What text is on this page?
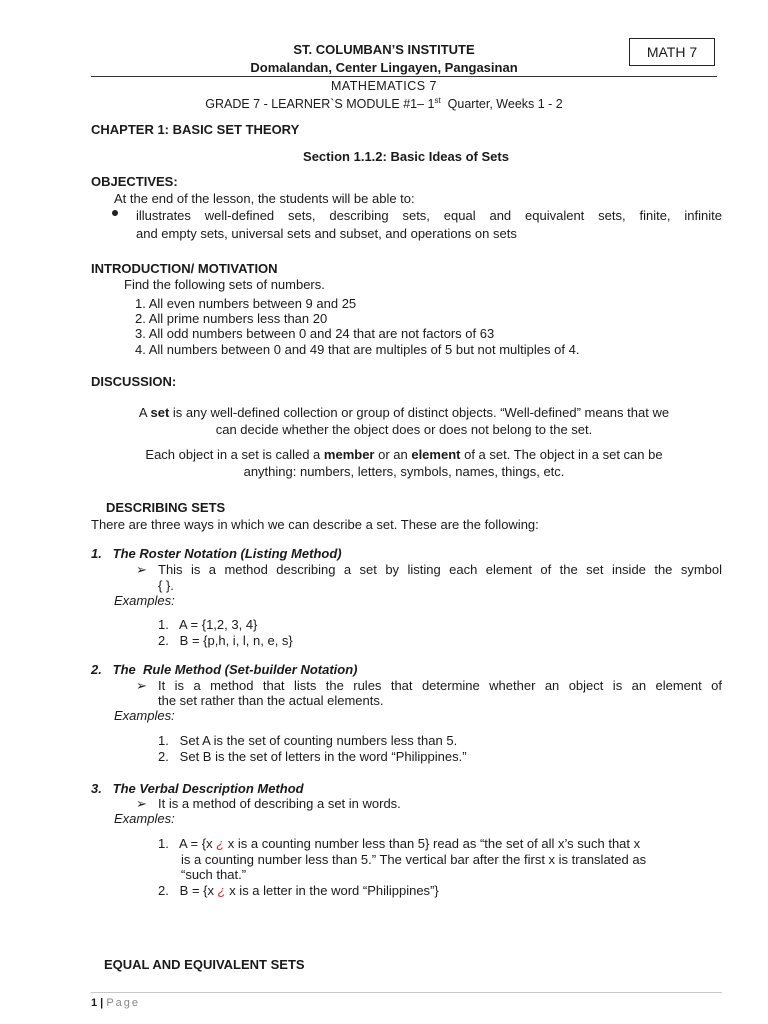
ST. COLUMBAN’S INSTITUTE
Domalandan, Center Lingayen, Pangasinan
MATH 7
MATHEMATICS 7
GRADE 7 - LEARNER`S MODULE #1– 1st  Quarter, Weeks 1 - 2
CHAPTER 1: BASIC SET THEORY
Section 1.1.2: Basic Ideas of Sets
OBJECTIVES:
At the end of the lesson, the students will be able to:
illustrates well-defined sets, describing sets, equal and equivalent sets, finite, infinite
and empty sets, universal sets and subset, and operations on sets
INTRODUCTION/ MOTIVATION
Find the following sets of numbers.
1. All even numbers between 9 and 25
2. All prime numbers less than 20
3. All odd numbers between 0 and 24 that are not factors of 63
4. All numbers between 0 and 49 that are multiples of 5 but not multiples of 4.
DISCUSSION:
A set is any well-defined collection or group of distinct objects. “Well-defined” means that we
can decide whether the object does or does not belong to the set.
Each object in a set is called a member or an element of a set. The object in a set can be
anything: numbers, letters, symbols, names, things, etc.
DESCRIBING SETS
There are three ways in which we can describe a set. These are the following:
1.   The Roster Notation (Listing Method)
➢ This is a method describing a set by listing each element of the set inside the symbol
{ }.
Examples:
1.   A = {1,2, 3, 4}
2.   B = {p,h, i, l, n, e, s}
2.   The  Rule Method (Set-builder Notation)
➢ It is a method that lists the rules that determine whether an object is an element of
the set rather than the actual elements.
Examples:
1.   Set A is the set of counting numbers less than 5.
2.   Set B is the set of letters in the word “Philippines.”
3.   The Verbal Description Method
➢ It is a method of describing a set in words.
Examples:
1.   A = {x ¿ x is a counting number less than 5} read as “the set of all x’s such that x
is a counting number less than 5.” The vertical bar after the first x is translated as
“such that.”
2.   B = {x ¿ x is a letter in the word “Philippines”}
EQUAL AND EQUIVALENT SETS
1 | Page
